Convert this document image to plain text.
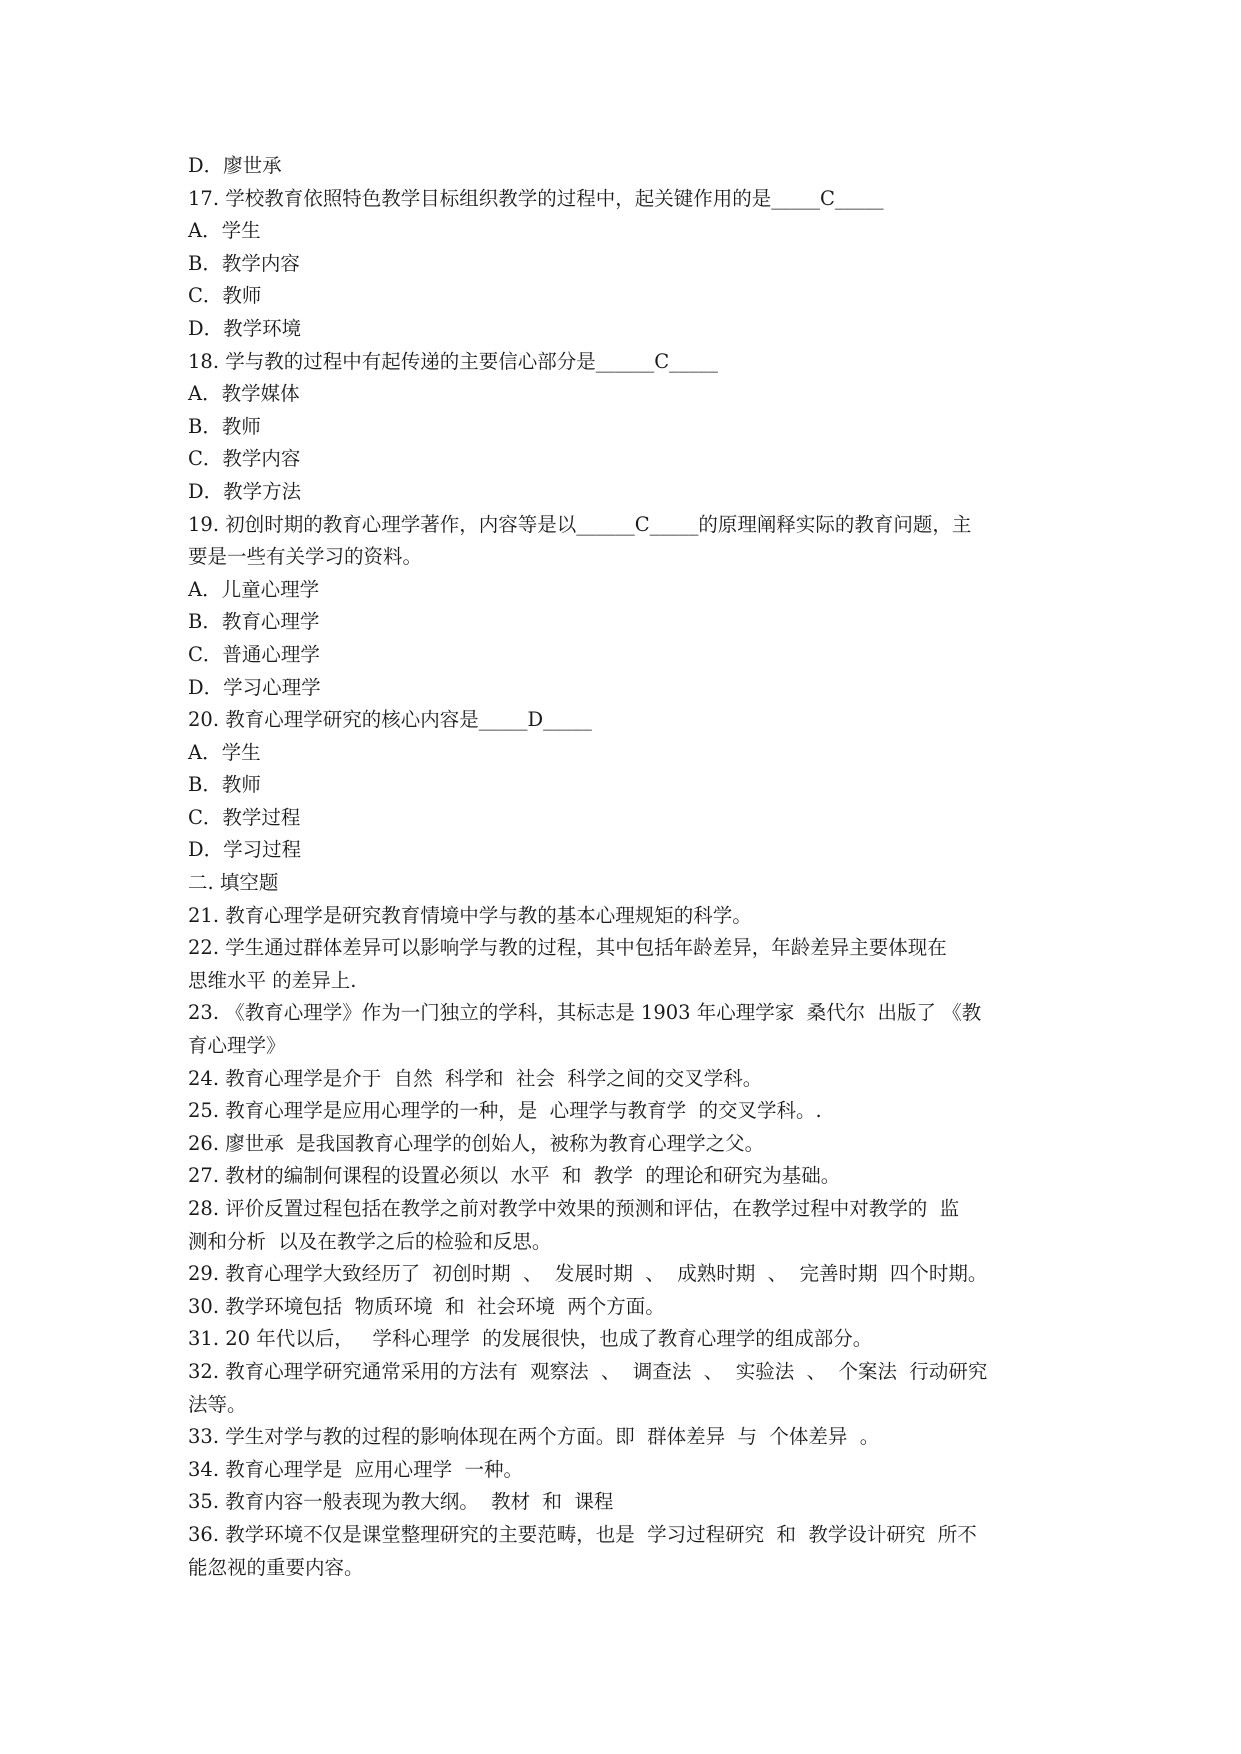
D．廖世承
17. 学校教育依照特色教学目标组织教学的过程中，起关键作用的是_____C_____
A．学生
B．教学内容
C．教师
D．教学环境
18. 学与教的过程中有起传递的主要信心部分是______C_____
A．教学媒体
B．教师
C．教学内容
D．教学方法
19. 初创时期的教育心理学著作，内容等是以______C_____的原理阐释实际的教育问题，主
要是一些有关学习的资料。
A．儿童心理学
B．教育心理学
C．普通心理学
D．学习心理学
20. 教育心理学研究的核心内容是_____D_____
A．学生
B．教师
C．教学过程
D．学习过程
二. 填空题
21. 教育心理学是研究教育情境中学与教的基本心理规矩的科学。
22. 学生通过群体差异可以影响学与教的过程，其中包括年龄差异，年龄差异主要体现在
思维水平 的差异上.
23. 《教育心理学》作为一门独立的学科，其标志是 1903 年心理学家  桑代尔  出版了 《教
育心理学》
24. 教育心理学是介于  自然  科学和  社会  科学之间的交叉学科。
25. 教育心理学是应用心理学的一种，是  心理学与教育学  的交叉学科。.
26. 廖世承  是我国教育心理学的创始人，被称为教育心理学之父。
27. 教材的编制何课程的设置必须以  水平  和  教学  的理论和研究为基础。
28. 评价反置过程包括在教学之前对教学中效果的预测和评估，在教学过程中对教学的  监
测和分析  以及在教学之后的检验和反思。
29. 教育心理学大致经历了  初创时期  、  发展时期  、  成熟时期  、  完善时期  四个时期。
30. 教学环境包括  物质环境  和  社会环境  两个方面。
31. 20 年代以后，   学科心理学  的发展很快，也成了教育心理学的组成部分。
32. 教育心理学研究通常采用的方法有  观察法  、  调查法  、  实验法  、  个案法  行动研究
法等。
33. 学生对学与教的过程的影响体现在两个方面。即  群体差异  与  个体差异  。
34. 教育心理学是  应用心理学  一种。
35. 教育内容一般表现为教大纲。  教材  和  课程
36. 教学环境不仅是课堂整理研究的主要范畴，也是  学习过程研究  和  教学设计研究  所不
能忽视的重要内容。
